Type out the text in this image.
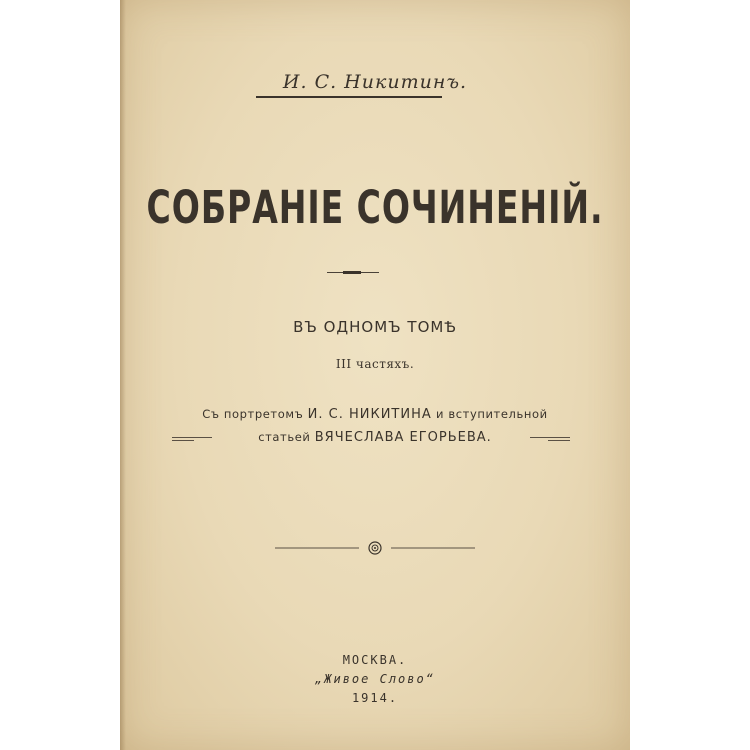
И. С. Никитинъ.
СОБРАНІЕ СОЧИНЕНІЙ.
ВЪ ОДНОМЪ ТОМѢ
III частяхъ.
Съ портретомъ И. С. НИКИТИНА и вступительной
статьей ВЯЧЕСЛАВА ЕГОРЬЕВА.
МОСКВА.
„Живое Слово“
1914.
